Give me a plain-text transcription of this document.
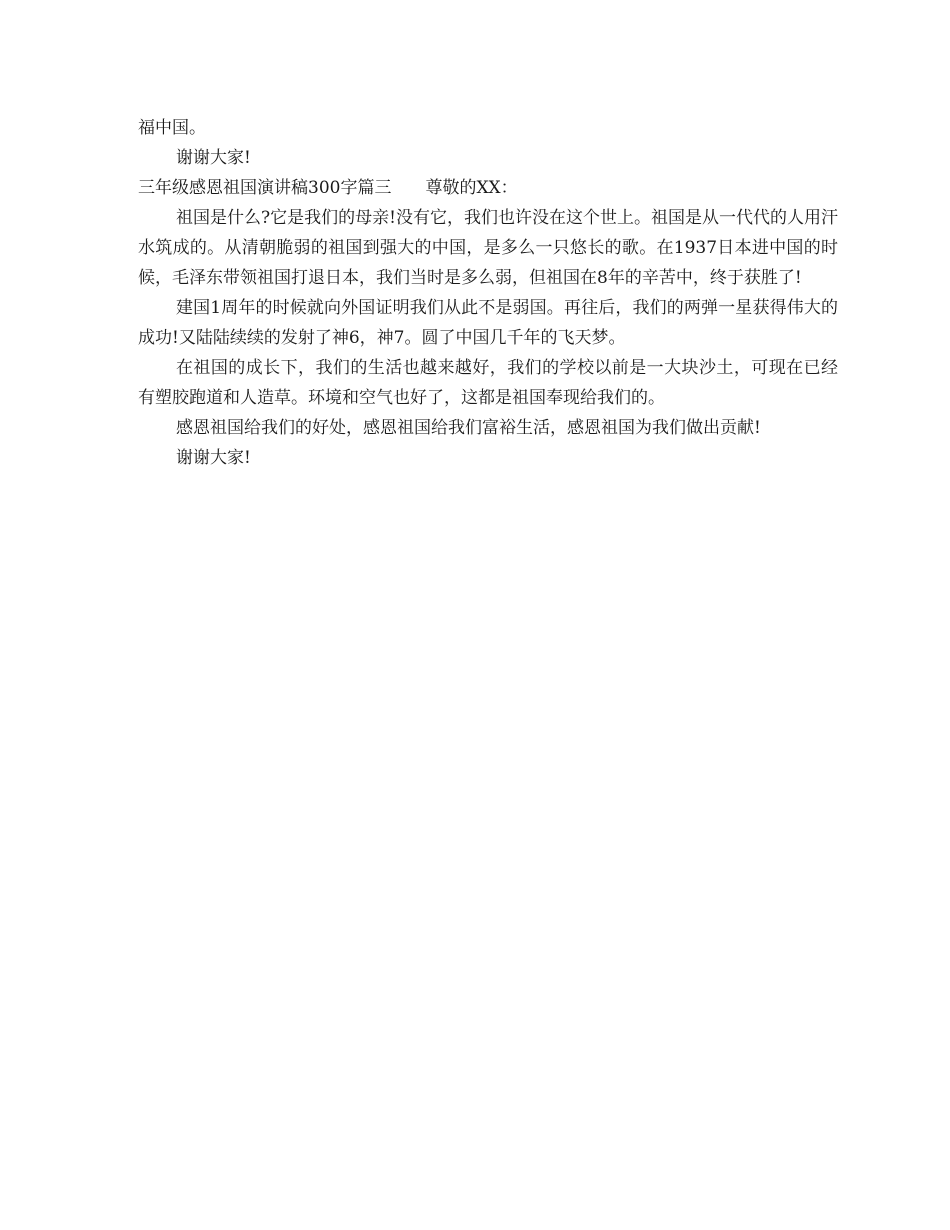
福中国。

谢谢大家!

三年级感恩祖国演讲稿300字篇三　　尊敬的XX：

祖国是什么?它是我们的母亲!没有它，我们也许没在这个世上。祖国是从一代代的人用汗水筑成的。从清朝脆弱的祖国到强大的中国，是多么一只悠长的歌。在1937日本进中国的时候，毛泽东带领祖国打退日本，我们当时是多么弱，但祖国在8年的辛苦中，终于获胜了!

建国1周年的时候就向外国证明我们从此不是弱国。再往后，我们的两弹一星获得伟大的成功!又陆陆续续的发射了神6，神7。圆了中国几千年的飞天梦。

在祖国的成长下，我们的生活也越来越好，我们的学校以前是一大块沙土，可现在已经有塑胶跑道和人造草。环境和空气也好了，这都是祖国奉现给我们的。

感恩祖国给我们的好处，感恩祖国给我们富裕生活，感恩祖国为我们做出贡献!

谢谢大家!
